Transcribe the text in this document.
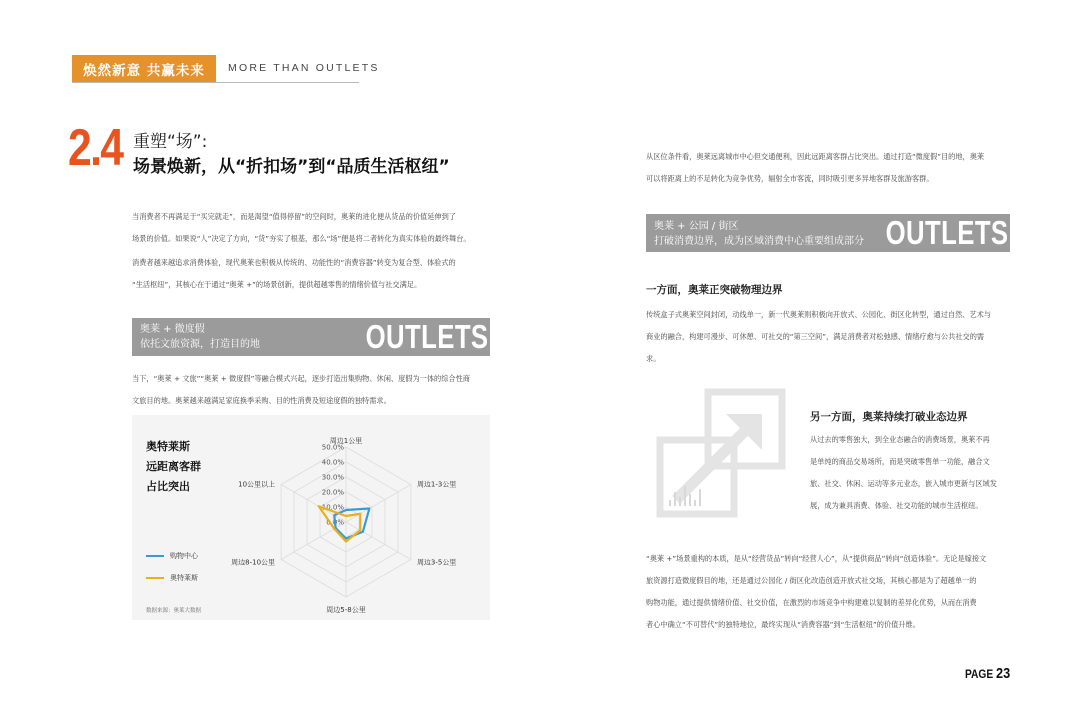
焕然新意 共赢未来	MORE THAN OUTLETS
2.4 重塑“场”:
场景焕新，从“折扣场”到“品质生活枢纽”
当消费者不再满足于“买完就走”，而是渴望“值得停留”的空间时，奥莱的进化便从货品的价值延伸到了
场景的价值。如果说“人”决定了方向，“货”夯实了根基，那么“场”便是将二者转化为真实体验的最终舞台。
消费者越来越追求消费体验，现代奥莱也积极从传统的、功能性的“消费容器”转变为复合型、体验式的
“生活枢纽”，其核心在于通过“奥莱 +”的场景创新，提供超越零售的情绪价值与社交满足。
奥莱 + 微度假
依托文旅资源，打造目的地	OUTLETS
当下，“奥莱 + 文旅”“奥莱 + 微度假”等融合模式兴起，逐步打造出集购物、休闲、度假为一体的综合性商
文旅目的地。奥莱越来越满足家庭换季采购、目的性消费及短途度假的独特需求。
奥特莱斯
远距离客群
占比突出
购物中心
奥特莱斯
数据来源：奥莱大数据
0.0%
10.0%
20.0%
30.0%
40.0%
50.0%
周边1公里
周边1-3公里
周边3-5公里
周边5-8公里
周边8-10公里
10公里以上
从区位条件看，奥莱远离城市中心但交通便利，因此远距离客群占比突出。通过打造“微度假”目的地，奥莱
可以将距离上的不足转化为竞争优势，辐射全市客流，同时吸引更多异地客群及旅游客群。
奥莱 + 公园 / 街区
打破消费边界，成为区域消费中心重要组成部分 OUTLETS
一方面，奥莱正突破物理边界
传统盒子式奥莱空间封闭，动线单一，新一代奥莱则积极向开放式、公园化、街区化转型，通过自然、艺术与
商业的融合，构建可漫步、可休憩、可社交的“第三空间”，满足消费者对松弛感、情绪疗愈与公共社交的需
求。
另一方面，奥莱持续打破业态边界
从过去的零售独大，到全业态融合的消费场景，奥莱不再
是单纯的商品交易场所，而是突破零售单一功能，融合文
旅、社交、休闲、运动等多元业态，嵌入城市更新与区域发
展，成为兼具消费、体验、社交功能的城市生活枢纽。
“奥莱 +”场景重构的本质，是从“经营货品”转向“经营人心”，从“提供商品”转向“创造体验”。无论是嫁接文
旅资源打造微度假目的地，还是通过公园化 / 街区化改造创造开放式社交场，其核心都是为了超越单一的
购物功能，通过提供情绪价值、社交价值，在激烈的市场竞争中构建难以复制的差异化优势，从而在消费
者心中确立“不可替代”的独特地位，最终实现从“消费容器”到“生活枢纽”的价值升维。
PAGE 23
